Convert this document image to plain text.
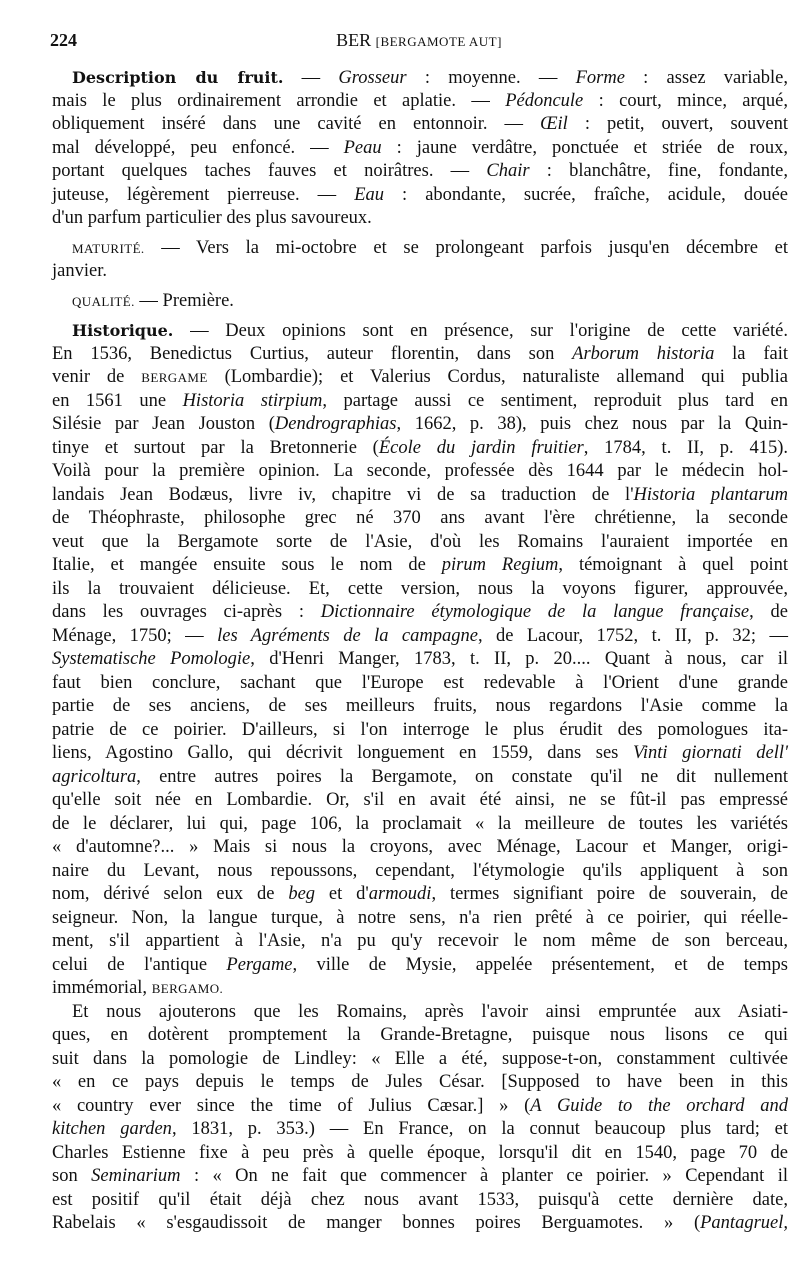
224	BER [BERGAMOTE AUT]
Description du fruit. — Grosseur : moyenne. — Forme : assez variable,
mais le plus ordinairement arrondie et aplatie. — Pédoncule : court, mince, arqué,
obliquement inséré dans une cavité en entonnoir. — Œil : petit, ouvert, souvent
mal développé, peu enfoncé. — Peau : jaune verdâtre, ponctuée et striée de roux,
portant quelques taches fauves et noirâtres. — Chair : blanchâtre, fine, fondante,
juteuse, légèrement pierreuse. — Eau : abondante, sucrée, fraîche, acidule, douée
d'un parfum particulier des plus savoureux.
MATURITÉ. — Vers la mi-octobre et se prolongeant parfois jusqu'en décembre et
janvier.
QUALITÉ. — Première.
Historique. — Deux opinions sont en présence, sur l'origine de cette variété.
En 1536, Benedictus Curtius, auteur florentin, dans son Arborum historia la fait
venir de BERGAME (Lombardie); et Valerius Cordus, naturaliste allemand qui publia
en 1561 une Historia stirpium, partage aussi ce sentiment, reproduit plus tard en
Silésie par Jean Jouston (Dendrographias, 1662, p. 38), puis chez nous par la Quin-
tinye et surtout par la Bretonnerie (École du jardin fruitier, 1784, t. II, p. 415).
Voilà pour la première opinion. La seconde, professée dès 1644 par le médecin hol-
landais Jean Bodæus, livre iv, chapitre vi de sa traduction de l'Historia plantarum
de Théophraste, philosophe grec né 370 ans avant l'ère chrétienne, la seconde
veut que la Bergamote sorte de l'Asie, d'où les Romains l'auraient importée en
Italie, et mangée ensuite sous le nom de pirum Regium, témoignant à quel point
ils la trouvaient délicieuse. Et, cette version, nous la voyons figurer, approuvée,
dans les ouvrages ci-après : Dictionnaire étymologique de la langue française, de
Ménage, 1750; — les Agréments de la campagne, de Lacour, 1752, t. II, p. 32; —
Systematische Pomologie, d'Henri Manger, 1783, t. II, p. 20.... Quant à nous, car il
faut bien conclure, sachant que l'Europe est redevable à l'Orient d'une grande
partie de ses anciens, de ses meilleurs fruits, nous regardons l'Asie comme la
patrie de ce poirier. D'ailleurs, si l'on interroge le plus érudit des pomologues ita-
liens, Agostino Gallo, qui décrivit longuement en 1559, dans ses Vinti giornati dell'
agricoltura, entre autres poires la Bergamote, on constate qu'il ne dit nullement
qu'elle soit née en Lombardie. Or, s'il en avait été ainsi, ne se fût-il pas empressé
de le déclarer, lui qui, page 106, la proclamait « la meilleure de toutes les variétés
« d'automne?... » Mais si nous la croyons, avec Ménage, Lacour et Manger, origi-
naire du Levant, nous repoussons, cependant, l'étymologie qu'ils appliquent à son
nom, dérivé selon eux de beg et d'armoudi, termes signifiant poire de souverain, de
seigneur. Non, la langue turque, à notre sens, n'a rien prêté à ce poirier, qui réelle-
ment, s'il appartient à l'Asie, n'a pu qu'y recevoir le nom même de son berceau,
celui de l'antique Pergame, ville de Mysie, appelée présentement, et de temps
immémorial, BERGAMO.
Et nous ajouterons que les Romains, après l'avoir ainsi empruntée aux Asiati-
ques, en dotèrent promptement la Grande-Bretagne, puisque nous lisons ce qui
suit dans la pomologie de Lindley: « Elle a été, suppose-t-on, constamment cultivée
« en ce pays depuis le temps de Jules César. [Supposed to have been in this
« country ever since the time of Julius Cæsar.] » (A Guide to the orchard and
kitchen garden, 1831, p. 353.) — En France, on la connut beaucoup plus tard; et
Charles Estienne fixe à peu près à quelle époque, lorsqu'il dit en 1540, page 70 de
son Seminarium : « On ne fait que commencer à planter ce poirier. » Cependant il
est positif qu'il était déjà chez nous avant 1533, puisqu'à cette dernière date,
Rabelais « s'esgaudissoit de manger bonnes poires Berguamotes. » (Pantagruel,
